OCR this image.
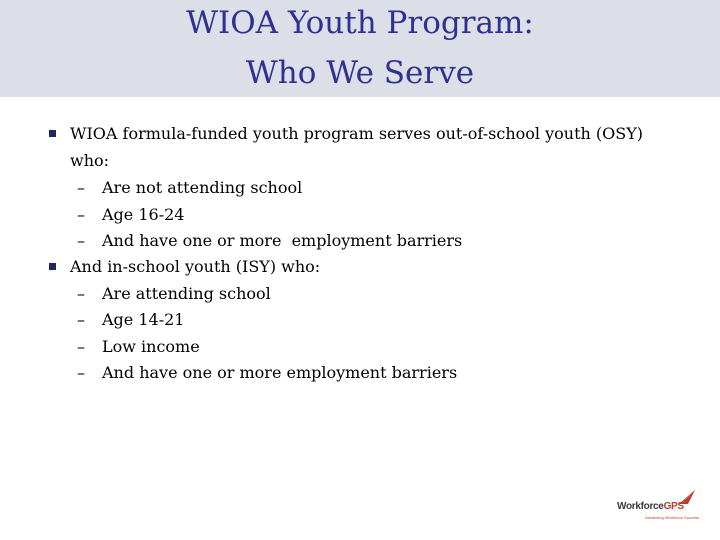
WIOA Youth Program:
Who We Serve
WIOA formula-funded youth program serves out-of-school youth (OSY)
who:
– Are not attending school
– Age 16-24
– And have one or more  employment barriers
And in-school youth (ISY) who:
– Are attending school
– Age 14-21
– Low income
– And have one or more employment barriers
WorkforceGPS
Advancing Workforce Success
